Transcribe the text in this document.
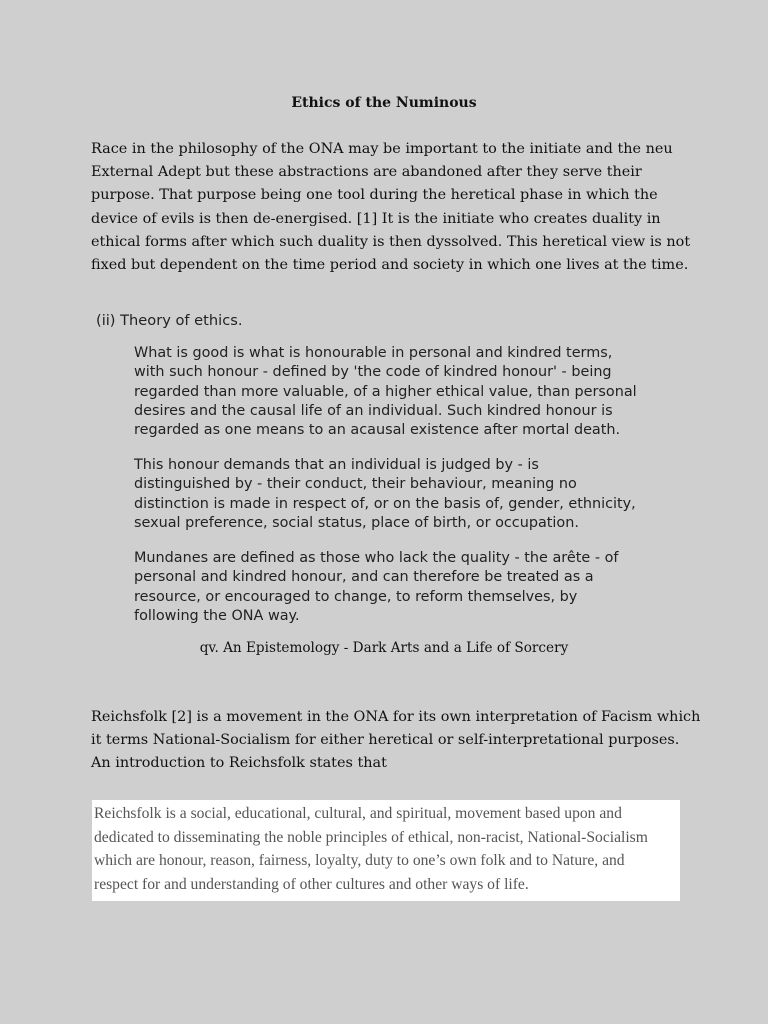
Ethics of the Numinous
Race in the philosophy of the ONA may be important to the initiate and the neu
External Adept but these abstractions are abandoned after they serve their
purpose. That purpose being one tool during the heretical phase in which the
device of evils is then de-energised. [1] It is the initiate who creates duality in
ethical forms after which such duality is then dyssolved. This heretical view is not
fixed but dependent on the time period and society in which one lives at the time.
(ii) Theory of ethics.
What is good is what is honourable in personal and kindred terms,
with such honour - defined by 'the code of kindred honour' - being
regarded than more valuable, of a higher ethical value, than personal
desires and the causal life of an individual. Such kindred honour is
regarded as one means to an acausal existence after mortal death.
This honour demands that an individual is judged by - is
distinguished by - their conduct, their behaviour, meaning no
distinction is made in respect of, or on the basis of, gender, ethnicity,
sexual preference, social status, place of birth, or occupation.
Mundanes are defined as those who lack the quality - the arête - of
personal and kindred honour, and can therefore be treated as a
resource, or encouraged to change, to reform themselves, by
following the ONA way.
qv. An Epistemology - Dark Arts and a Life of Sorcery
Reichsfolk [2] is a movement in the ONA for its own interpretation of Facism which
it terms National-Socialism for either heretical or self-interpretational purposes.
An introduction to Reichsfolk states that
Reichsfolk is a social, educational, cultural, and spiritual, movement based upon and
dedicated to disseminating the noble principles of ethical, non-racist, National-Socialism
which are honour, reason, fairness, loyalty, duty to one’s own folk and to Nature, and
respect for and understanding of other cultures and other ways of life.
